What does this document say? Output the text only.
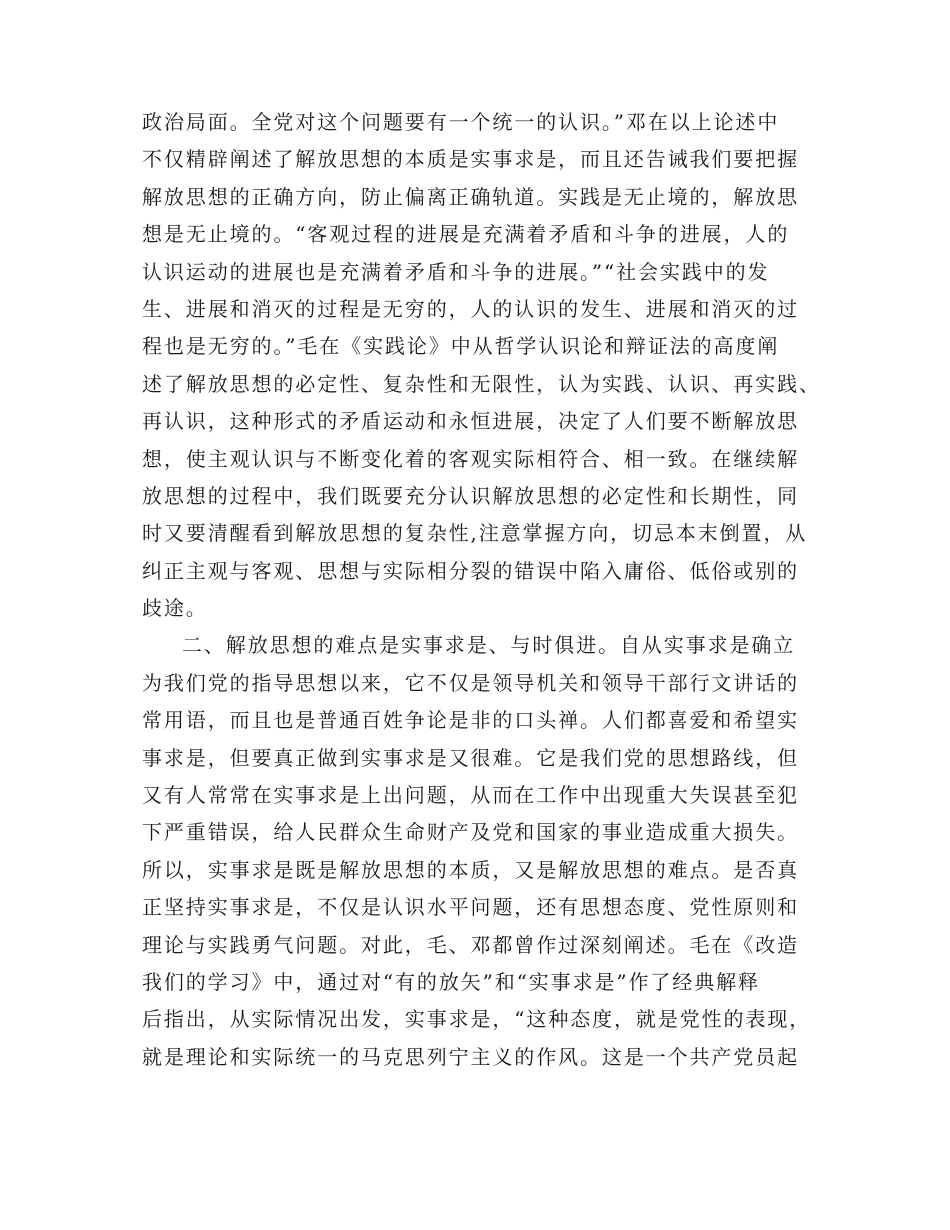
政治局面。全党对这个问题要有一个统一的认识。”邓在以上论述中
不仅精辟阐述了解放思想的本质是实事求是，而且还告诫我们要把握
解放思想的正确方向，防止偏离正确轨道。实践是无止境的，解放思
想是无止境的。“客观过程的进展是充满着矛盾和斗争的进展，人的
认识运动的进展也是充满着矛盾和斗争的进展。”“社会实践中的发
生、进展和消灭的过程是无穷的，人的认识的发生、进展和消灭的过
程也是无穷的。”毛在《实践论》中从哲学认识论和辩证法的高度阐
述了解放思想的必定性、复杂性和无限性，认为实践、认识、再实践、
再认识，这种形式的矛盾运动和永恒进展，决定了人们要不断解放思
想，使主观认识与不断变化着的客观实际相符合、相一致。在继续解
放思想的过程中，我们既要充分认识解放思想的必定性和长期性，同
时又要清醒看到解放思想的复杂性,注意掌握方向，切忌本末倒置，从
纠正主观与客观、思想与实际相分裂的错误中陷入庸俗、低俗或别的
歧途。
二、解放思想的难点是实事求是、与时俱进。自从实事求是确立
为我们党的指导思想以来，它不仅是领导机关和领导干部行文讲话的
常用语，而且也是普通百姓争论是非的口头禅。人们都喜爱和希望实
事求是，但要真正做到实事求是又很难。它是我们党的思想路线，但
又有人常常在实事求是上出问题，从而在工作中出现重大失误甚至犯
下严重错误，给人民群众生命财产及党和国家的事业造成重大损失。
所以，实事求是既是解放思想的本质，又是解放思想的难点。是否真
正坚持实事求是，不仅是认识水平问题，还有思想态度、党性原则和
理论与实践勇气问题。对此，毛、邓都曾作过深刻阐述。毛在《改造
我们的学习》中，通过对“有的放矢”和“实事求是”作了经典解释
后指出，从实际情况出发，实事求是，“这种态度，就是党性的表现，
就是理论和实际统一的马克思列宁主义的作风。这是一个共产党员起
